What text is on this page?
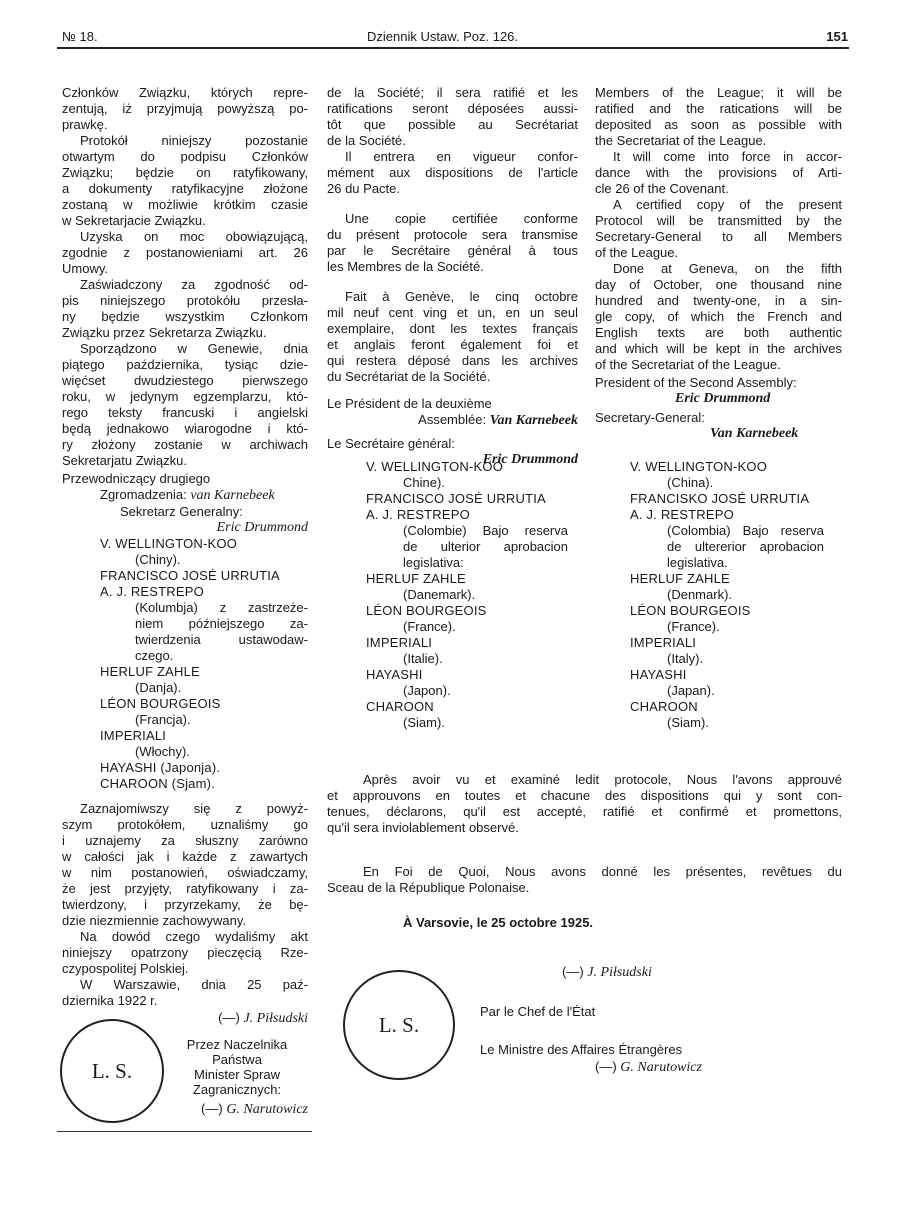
№ 18.	Dziennik Ustaw. Poz. 126.	151
Członków Związku, których repre-
zentują, iż przyjmują powyższą po-
prawkę.
Protokół niniejszy pozostanie
otwartym do podpisu Członków
Związku; będzie on ratyfikowany,
a dokumenty ratyfikacyjne złożone
zostaną w możliwie krótkim czasie
w Sekretarjacie Związku.
Uzyska on moc obowiązującą,
zgodnie z postanowieniami art. 26
Umowy.
Zaświadczony za zgodność od-
pis niniejszego protokółu przesła-
ny będzie wszystkim Członkom
Związku przez Sekretarza Związku.
Sporządzono w Genewie, dnia
piątego października, tysiąc dzie-
więćset dwudziestego pierwszego
roku, w jedynym egzemplarzu, któ-
rego teksty francuski i angielski
będą jednakowo wiarogodne i któ-
ry złożony zostanie w archiwach
Sekretarjatu Związku.
Przewodniczący drugiego
Zgromadzenia: van Karnebeek
Sekretarz Generalny:
Eric Drummond
V. WELLINGTON-KOO
(Chiny).
FRANCISCO JOSÉ URRUTIA
A. J. RESTREPO
(Kolumbja) z zastrzeże-
niem późniejszego za-
twierdzenia ustawodaw-
czego.
HERLUF ZAHLE
(Danja).
LÉON BOURGEOIS
(Francja).
IMPERIALI
(Włochy).
HAYASHI (Japonja).
CHAROON (Sjam).
Zaznajomiwszy się z powyż-
szym protokółem, uznaliśmy go
i uznajemy za słuszny zarówno
w całości jak i każde z zawartych
w nim postanowień, oświadczamy,
że jest przyjęty, ratyfikowany i za-
twierdzony, i przyrzekamy, że bę-
dzie niezmiennie zachowywany.
Na dowód czego wydaliśmy akt
niniejszy opatrzony pieczęcią Rze-
czypospolitej Polskiej.
W Warszawie, dnia 25 paź-
dziernika 1922 r.
(—) J. Piłsudski
L. S.
Przez Naczelnika
Państwa
Minister Spraw
Zagranicznych:
(—) G. Narutowicz
de la Société; il sera ratifié et les
ratifications seront déposées aussi-
tôt que possible au Secrétariat
de la Société.
Il entrera en vigueur confor-
mément aux dispositions de l'article
26 du Pacte.
Une copie certifiée conforme
du présent protocole sera transmise
par le Secrétaire général à tous
les Membres de la Société.
Fait à Genève, le cinq octobre
mil neuf cent ving et un, en un seul
exemplaire, dont les textes français
et anglais feront également foi et
qui restera déposé dans les archives
du Secrétariat de la Société.
Le Président de la deuxième
Assemblée: Van Karnebeek
Le Secrétaire général:
Eric Drummond
V. WELLINGTON-KOO
Chine).
FRANCISCO JOSÉ URRUTIA
A. J. RESTREPO
(Colombie) Bajo reserva
de ulterior aprobacion
legislativa:
HERLUF ZAHLE
(Danemark).
LÉON BOURGEOIS
(France).
IMPERIALI
(Italie).
HAYASHI
(Japon).
CHAROON
(Siam).
Members of the League; it will be
ratified and the ratications will be
deposited as soon as possible with
the Secretariat of the League.
It will come into force in accor-
dance with the provisions of Arti-
cle 26 of the Covenant.
A certified copy of the present
Protocol will be transmitted by the
Secretary-General to all Members
of the League.
Done at Geneva, on the fifth
day of October, one thousand nine
hundred and twenty-one, in a sin-
gle copy, of which the French and
English texts are both authentic
and which will be kept in the archives
of the Secretariat of the League.
President of the Second Assembly:
Eric Drummond
Secretary-General:
Van Karnebeek
V. WELLINGTON-KOO
(China).
FRANCISKO JOSÉ URRUTIA
A. J. RESTREPO
(Colombia) Bajo reserva
de ultererior aprobacion
legislativa.
HERLUF ZAHLE
(Denmark).
LÉON BOURGEOIS
(France).
IMPERIALI
(Italy).
HAYASHI
(Japan).
CHAROON
(Siam).
Après avoir vu et examiné ledit protocole, Nous l'avons approuvé
et approuvons en toutes et chacune des dispositions qui y sont con-
tenues, déclarons, qu'il est accepté, ratifié et confirmé et promettons,
qu'il sera inviolablement observé.
En Foi de Quoi, Nous avons donné les présentes, revêtues du
Sceau de la République Polonaise.
À Varsovie, le 25 octobre 1925.
(—) J. Piłsudski
L. S.
Par le Chef de l'État
Le Ministre des Affaires Étrangères
(—) G. Narutowicz
